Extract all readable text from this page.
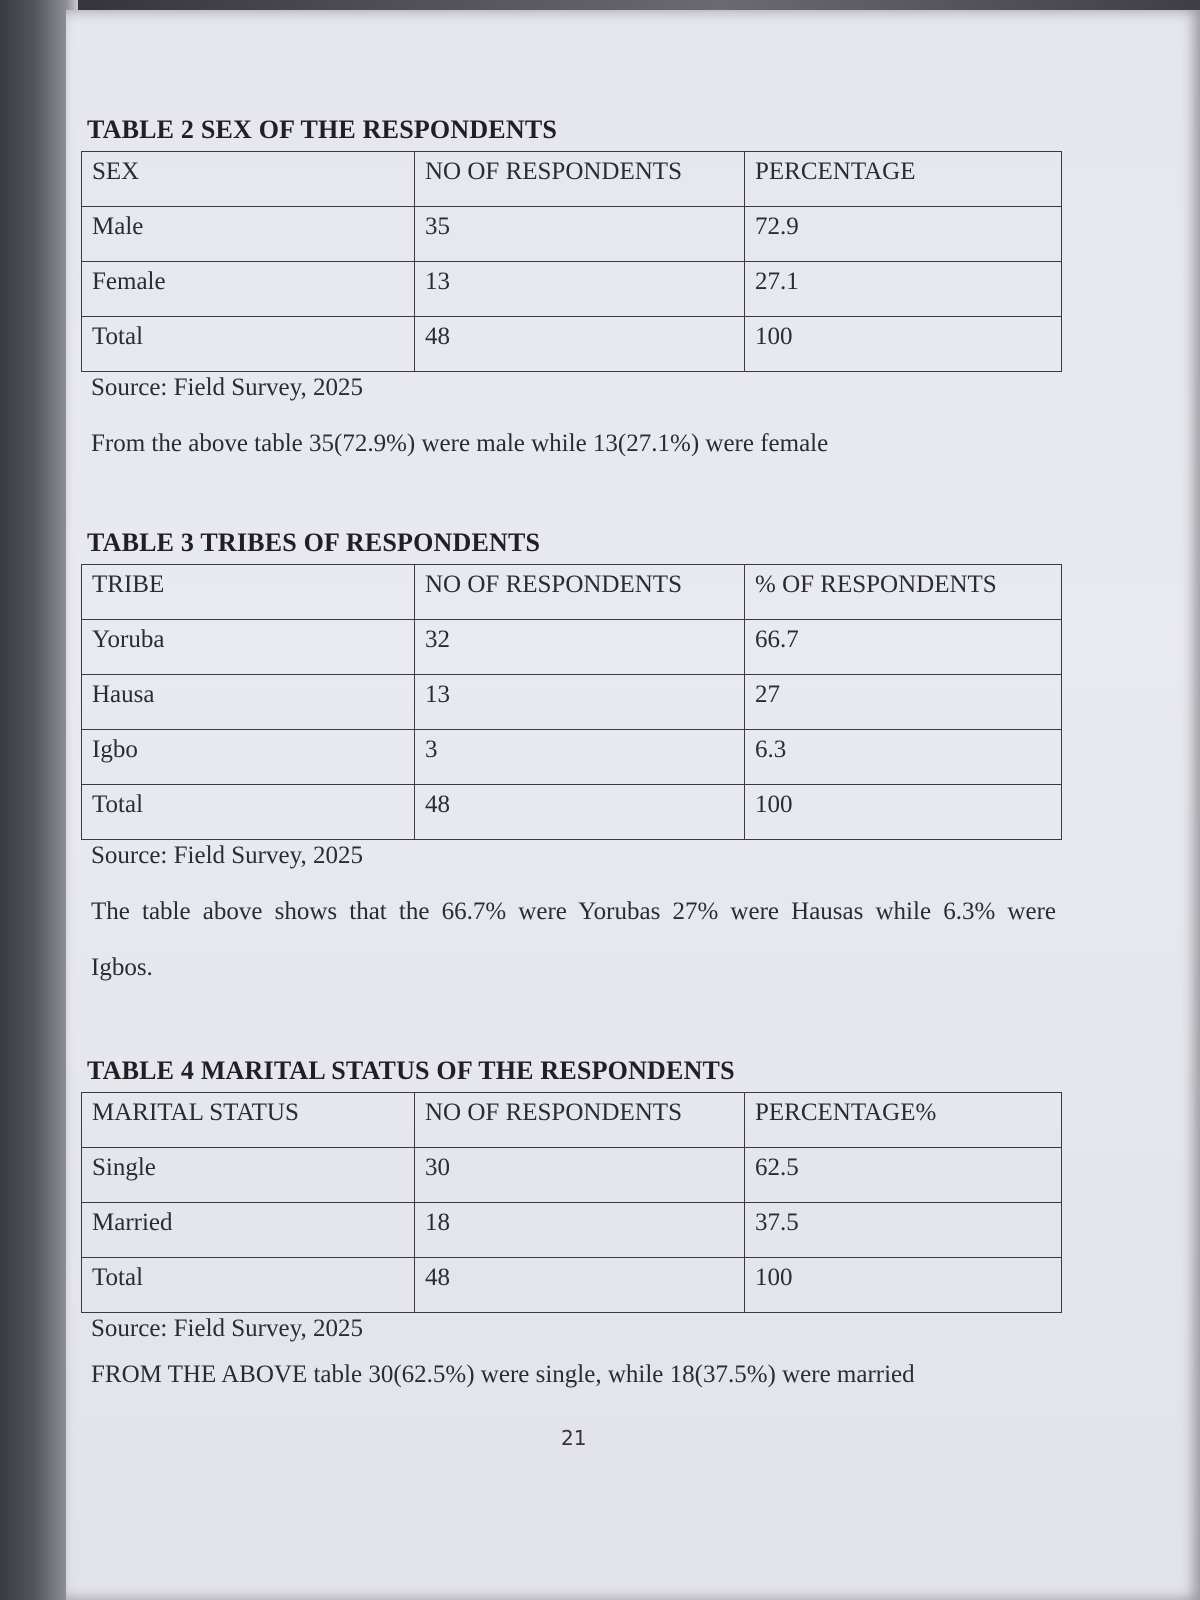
TABLE 2 SEX OF THE RESPONDENTS
SEX	NO OF RESPONDENTS	PERCENTAGE
Male	35	72.9
Female	13	27.1
Total	48	100
Source: Field Survey, 2025
From the above table 35(72.9%) were male while 13(27.1%) were female
TABLE 3 TRIBES OF RESPONDENTS
TRIBE	NO OF RESPONDENTS	% OF RESPONDENTS
Yoruba	32	66.7
Hausa	13	27
Igbo	3	6.3
Total	48	100
Source: Field Survey, 2025
The table above shows that the 66.7% were Yorubas 27% were Hausas while 6.3% were Igbos.
TABLE 4 MARITAL STATUS OF THE RESPONDENTS
MARITAL STATUS	NO OF RESPONDENTS	PERCENTAGE%
Single	30	62.5
Married	18	37.5
Total	48	100
Source: Field Survey, 2025
FROM THE ABOVE table 30(62.5%) were single, while 18(37.5%) were married
21
